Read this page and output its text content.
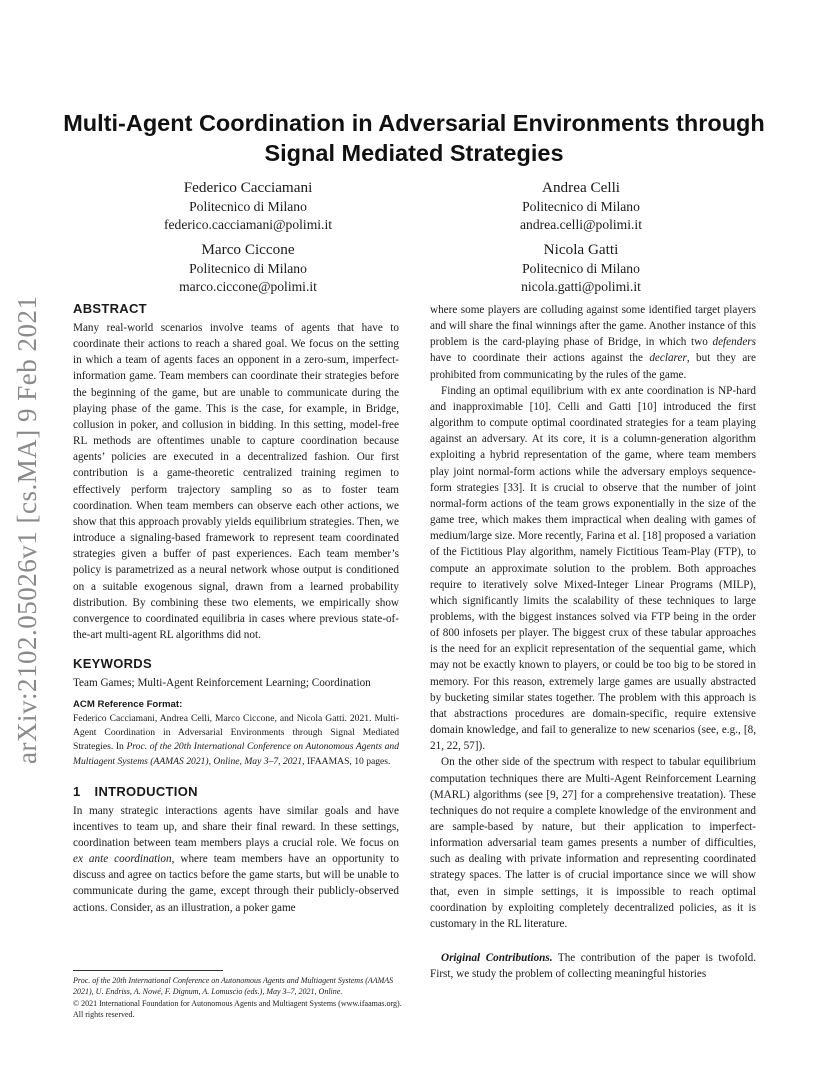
arXiv:2102.05026v1 [cs.MA] 9 Feb 2021
Multi-Agent Coordination in Adversarial Environments through Signal Mediated Strategies
Federico Cacciamani
Politecnico di Milano
federico.cacciamani@polimi.it
Andrea Celli
Politecnico di Milano
andrea.celli@polimi.it
Marco Ciccone
Politecnico di Milano
marco.ciccone@polimi.it
Nicola Gatti
Politecnico di Milano
nicola.gatti@polimi.it
ABSTRACT

Many real-world scenarios involve teams of agents that have to coordinate their actions to reach a shared goal. We focus on the setting in which a team of agents faces an opponent in a zero-sum, imperfect-information game. Team members can coordinate their strategies before the beginning of the game, but are unable to communicate during the playing phase of the game. This is the case, for example, in Bridge, collusion in poker, and collusion in bidding. In this setting, model-free RL methods are oftentimes unable to capture coordination because agents’ policies are executed in a decentralized fashion. Our first contribution is a game-theoretic centralized training regimen to effectively perform trajectory sampling so as to foster team coordination. When team members can observe each other actions, we show that this approach provably yields equilibrium strategies. Then, we introduce a signaling-based framework to represent team coordinated strategies given a buffer of past experiences. Each team member’s policy is parametrized as a neural network whose output is conditioned on a suitable exogenous signal, drawn from a learned probability distribution. By combining these two elements, we empirically show convergence to coordinated equilibria in cases where previous state-of-the-art multi-agent RL algorithms did not.

KEYWORDS

Team Games; Multi-Agent Reinforcement Learning; Coordination

ACM Reference Format:

Federico Cacciamani, Andrea Celli, Marco Ciccone, and Nicola Gatti. 2021. Multi-Agent Coordination in Adversarial Environments through Signal Mediated Strategies. In Proc. of the 20th International Conference on Autonomous Agents and Multiagent Systems (AAMAS 2021), Online, May 3–7, 2021, IFAAMAS, 10 pages.

1 INTRODUCTION

In many strategic interactions agents have similar goals and have incentives to team up, and share their final reward. In these settings, coordination between team members plays a crucial role. We focus on ex ante coordination, where team members have an opportunity to discuss and agree on tactics before the game starts, but will be unable to communicate during the game, except through their publicly-observed actions. Consider, as an illustration, a poker game

Proc. of the 20th International Conference on Autonomous Agents and Multiagent Systems (AAMAS 2021), U. Endriss, A. Nowé, F. Dignum, A. Lomuscio (eds.), May 3–7, 2021, Online.
© 2021 International Foundation for Autonomous Agents and Multiagent Systems (www.ifaamas.org). All rights reserved.

where some players are colluding against some identified target players and will share the final winnings after the game. Another instance of this problem is the card-playing phase of Bridge, in which two defenders have to coordinate their actions against the declarer, but they are prohibited from communicating by the rules of the game.

Finding an optimal equilibrium with ex ante coordination is NP-hard and inapproximable [10]. Celli and Gatti [10] introduced the first algorithm to compute optimal coordinated strategies for a team playing against an adversary. At its core, it is a column-generation algorithm exploiting a hybrid representation of the game, where team members play joint normal-form actions while the adversary employs sequence-form strategies [33]. It is crucial to observe that the number of joint normal-form actions of the team grows exponentially in the size of the game tree, which makes them impractical when dealing with games of medium/large size. More recently, Farina et al. [18] proposed a variation of the Fictitious Play algorithm, namely Fictitious Team-Play (FTP), to compute an approximate solution to the problem. Both approaches require to iteratively solve Mixed-Integer Linear Programs (MILP), which significantly limits the scalability of these techniques to large problems, with the biggest instances solved via FTP being in the order of 800 infosets per player. The biggest crux of these tabular approaches is the need for an explicit representation of the sequential game, which may not be exactly known to players, or could be too big to be stored in memory. For this reason, extremely large games are usually abstracted by bucketing similar states together. The problem with this approach is that abstractions procedures are domain-specific, require extensive domain knowledge, and fail to generalize to new scenarios (see, e.g., [8, 21, 22, 57]).

On the other side of the spectrum with respect to tabular equilibrium computation techniques there are Multi-Agent Reinforcement Learning (MARL) algorithms (see [9, 27] for a comprehensive treatation). These techniques do not require a complete knowledge of the environment and are sample-based by nature, but their application to imperfect-information adversarial team games presents a number of difficulties, such as dealing with private information and representing coordinated strategy spaces. The latter is of crucial importance since we will show that, even in simple settings, it is impossible to reach optimal coordination by exploiting completely decentralized policies, as it is customary in the RL literature.

Original Contributions. The contribution of the paper is twofold. First, we study the problem of collecting meaningful histories
